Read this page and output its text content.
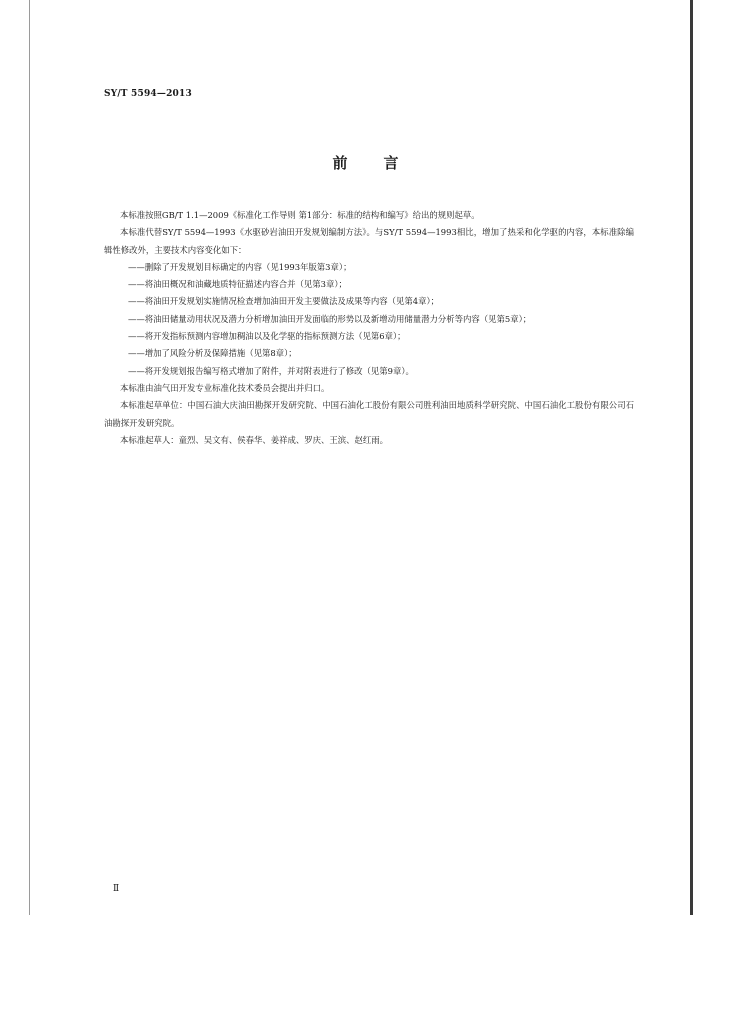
SY/T 5594—2013
前言

本标准按照GB/T 1.1—2009《标准化工作导则 第1部分：标准的结构和编写》给出的规则起草。

本标准代替SY/T 5594—1993《水驱砂岩油田开发规划编制方法》。与SY/T 5594—1993相比，增加了热采和化学驱的内容，本标准除编辑性修改外，主要技术内容变化如下：

——删除了开发规划目标确定的内容（见1993年版第3章）；

——将油田概况和油藏地质特征描述内容合并（见第3章）；

——将油田开发规划实施情况检查增加油田开发主要做法及成果等内容（见第4章）；

——将油田储量动用状况及潜力分析增加油田开发面临的形势以及新增动用储量潜力分析等内容（见第5章）；

——将开发指标预测内容增加稠油以及化学驱的指标预测方法（见第6章）；

——增加了风险分析及保障措施（见第8章）；

——将开发规划报告编写格式增加了附件，并对附表进行了修改（见第9章）。

本标准由油气田开发专业标准化技术委员会提出并归口。

本标准起草单位：中国石油大庆油田勘探开发研究院、中国石油化工股份有限公司胜利油田地质科学研究院、中国石油化工股份有限公司石油勘探开发研究院。

本标准起草人：童烈、吴文有、侯春华、姜祥成、罗庆、王滨、赵红雨。

Ⅱ
